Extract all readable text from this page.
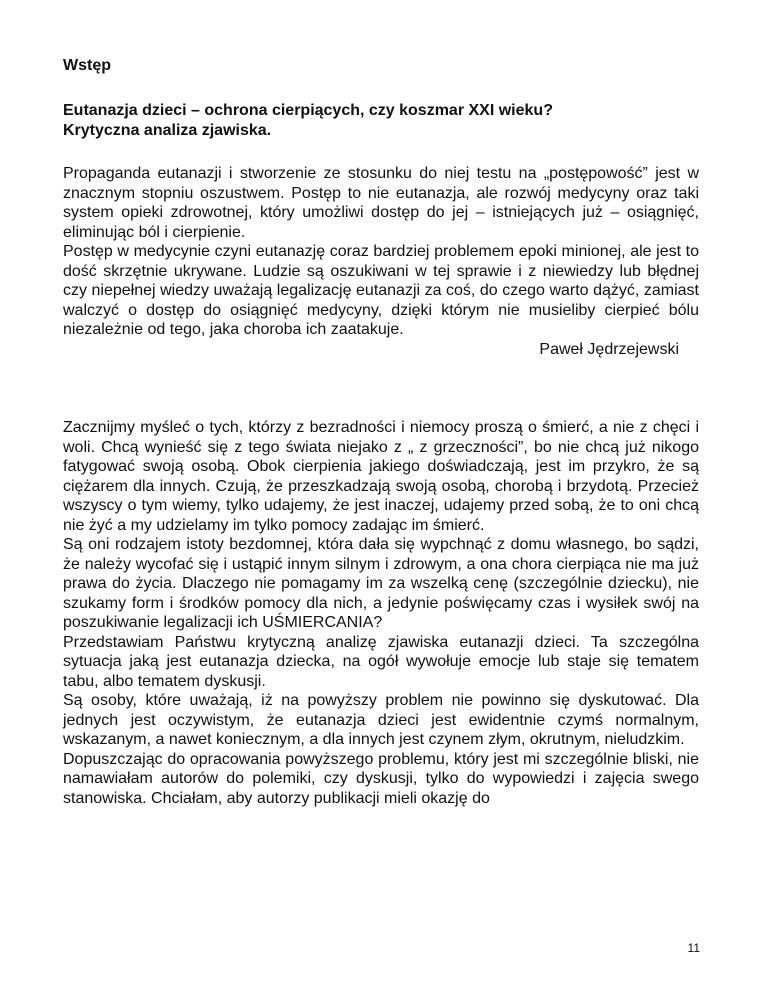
Wstęp

Eutanazja dzieci – ochrona cierpiących, czy koszmar XXI wieku?

Krytyczna analiza zjawiska.

Propaganda eutanazji i stworzenie ze stosunku do niej testu na „postępowość” jest w znacznym stopniu oszustwem. Postęp to nie eutanazja, ale rozwój medycyny oraz taki system opieki zdrowotnej, który umożliwi dostęp do jej – istniejących już – osiągnięć, eliminując ból i cierpienie.

Postęp w medycynie czyni eutanazję coraz bardziej problemem epoki minionej, ale jest to dość skrzętnie ukrywane. Ludzie są oszukiwani w tej sprawie i z niewiedzy lub błędnej czy niepełnej wiedzy uważają legalizację eutanazji za coś, do czego warto dążyć, zamiast walczyć o dostęp do osiągnięć medycyny, dzięki którym nie musieliby cierpieć bólu niezależnie od tego, jaka choroba ich zaatakuje.

Paweł Jędrzejewski

Zacznijmy myśleć o tych, którzy z bezradności i niemocy proszą o śmierć, a nie z chęci i woli. Chcą wynieść się z tego świata niejako z „ z grzeczności”, bo nie chcą już nikogo fatygować swoją osobą. Obok cierpienia jakiego doświadczają, jest im przykro, że są ciężarem dla innych. Czują, że przeszkadzają swoją osobą, chorobą i brzydotą. Przecież wszyscy o tym wiemy, tylko udajemy, że jest inaczej, udajemy przed sobą, że to oni chcą nie żyć a my udzielamy im tylko pomocy zadając im śmierć.

Są oni rodzajem istoty bezdomnej, która dała się wypchnąć z domu własnego, bo sądzi, że należy wycofać się i ustąpić innym silnym i zdrowym, a ona chora cierpiąca nie ma już prawa do życia. Dlaczego nie pomagamy im za wszelką cenę (szczególnie dziecku), nie szukamy form i środków pomocy dla nich, a jedynie poświęcamy czas i wysiłek swój na poszukiwanie legalizacji ich UŚMIERCANIA?

Przedstawiam Państwu krytyczną analizę zjawiska eutanazji dzieci. Ta szczególna sytuacja jaką jest eutanazja dziecka, na ogół wywołuje emocje lub staje się tematem tabu, albo tematem dyskusji.

Są osoby, które uważają, iż na powyższy problem nie powinno się dyskutować. Dla jednych jest oczywistym, że eutanazja dzieci jest ewidentnie czymś normalnym, wskazanym, a nawet koniecznym, a dla innych jest czynem złym, okrutnym, nieludzkim.

Dopuszczając do opracowania powyższego problemu, który jest mi szczególnie bliski, nie namawiałam autorów do polemiki, czy dyskusji, tylko do wypowiedzi i zajęcia swego stanowiska. Chciałam, aby autorzy publikacji mieli okazję do

11
